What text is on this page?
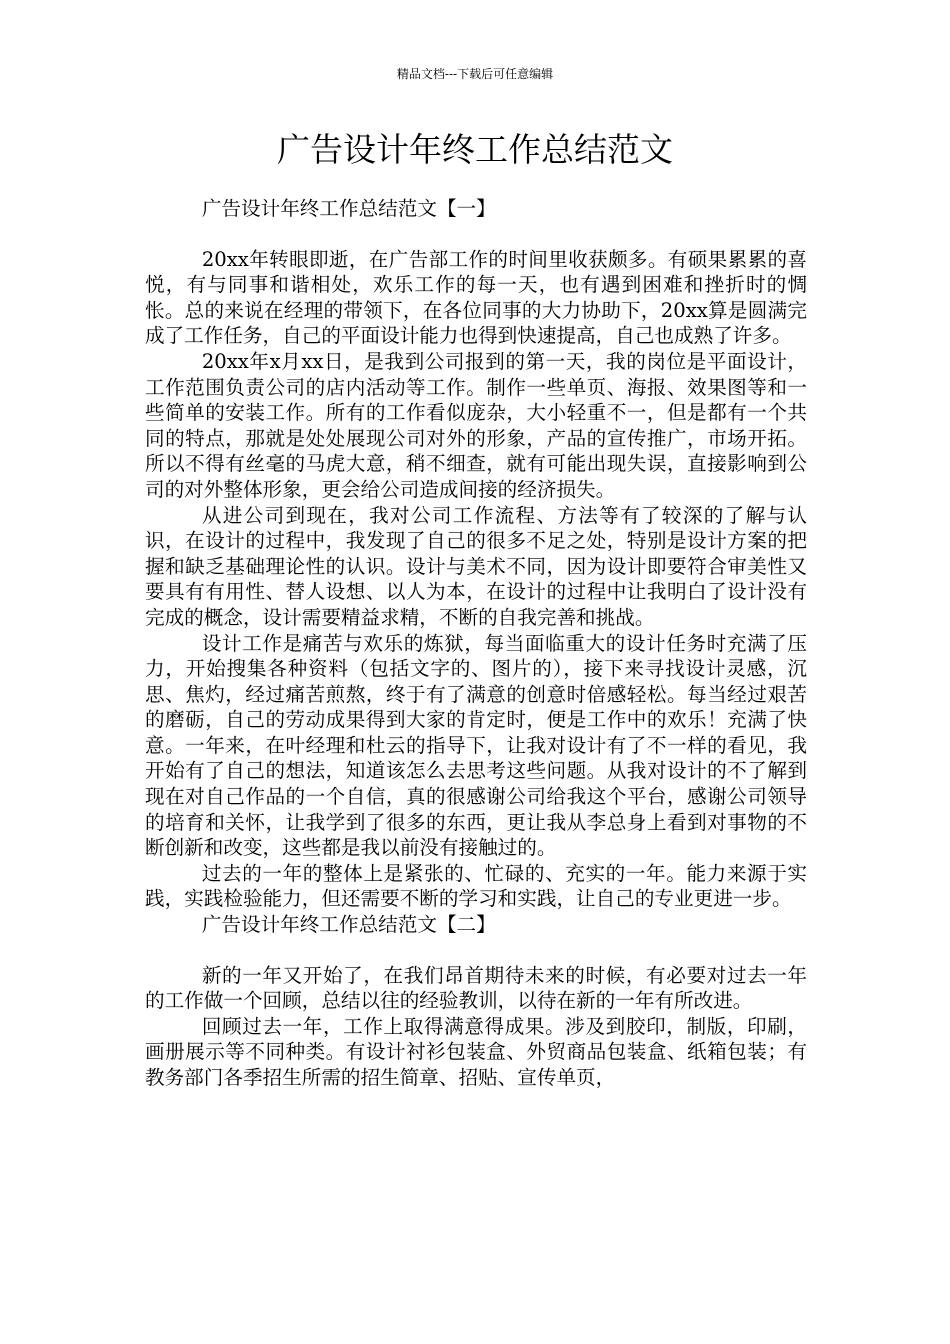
精品文档---下载后可任意编辑
广告设计年终工作总结范文

广告设计年终工作总结范文【一】

20xx年转眼即逝，在广告部工作的时间里收获颇多。有硕果累累的喜悦，有与同事和谐相处，欢乐工作的每一天，也有遇到困难和挫折时的惆怅。总的来说在经理的带领下，在各位同事的大力协助下，20xx算是圆满完成了工作任务，自己的平面设计能力也得到快速提高，自己也成熟了许多。

20xx年x月xx日，是我到公司报到的第一天，我的岗位是平面设计，工作范围负责公司的店内活动等工作。制作一些单页、海报、效果图等和一些简单的安装工作。所有的工作看似庞杂，大小轻重不一，但是都有一个共同的特点，那就是处处展现公司对外的形象，产品的宣传推广，市场开拓。所以不得有丝毫的马虎大意，稍不细查，就有可能出现失误，直接影响到公司的对外整体形象，更会给公司造成间接的经济损失。

从进公司到现在，我对公司工作流程、方法等有了较深的了解与认识，在设计的过程中，我发现了自己的很多不足之处，特别是设计方案的把握和缺乏基础理论性的认识。设计与美术不同，因为设计即要符合审美性又要具有有用性、替人设想、以人为本，在设计的过程中让我明白了设计没有完成的概念，设计需要精益求精，不断的自我完善和挑战。

设计工作是痛苦与欢乐的炼狱，每当面临重大的设计任务时充满了压力，开始搜集各种资料（包括文字的、图片的），接下来寻找设计灵感，沉思、焦灼，经过痛苦煎熬，终于有了满意的创意时倍感轻松。每当经过艰苦的磨砺，自己的劳动成果得到大家的肯定时，便是工作中的欢乐！充满了快意。一年来，在叶经理和杜云的指导下，让我对设计有了不一样的看见，我开始有了自己的想法，知道该怎么去思考这些问题。从我对设计的不了解到现在对自己作品的一个自信，真的很感谢公司给我这个平台，感谢公司领导的培育和关怀，让我学到了很多的东西，更让我从李总身上看到对事物的不断创新和改变，这些都是我以前没有接触过的。

过去的一年的整体上是紧张的、忙碌的、充实的一年。能力来源于实践，实践检验能力，但还需要不断的学习和实践，让自己的专业更进一步。

广告设计年终工作总结范文【二】

新的一年又开始了，在我们昂首期待未来的时候，有必要对过去一年的工作做一个回顾，总结以往的经验教训，以待在新的一年有所改进。

回顾过去一年，工作上取得满意得成果。涉及到胶印，制版，印刷，画册展示等不同种类。有设计衬衫包装盒、外贸商品包装盒、纸箱包装；有教务部门各季招生所需的招生简章、招贴、宣传单页，
